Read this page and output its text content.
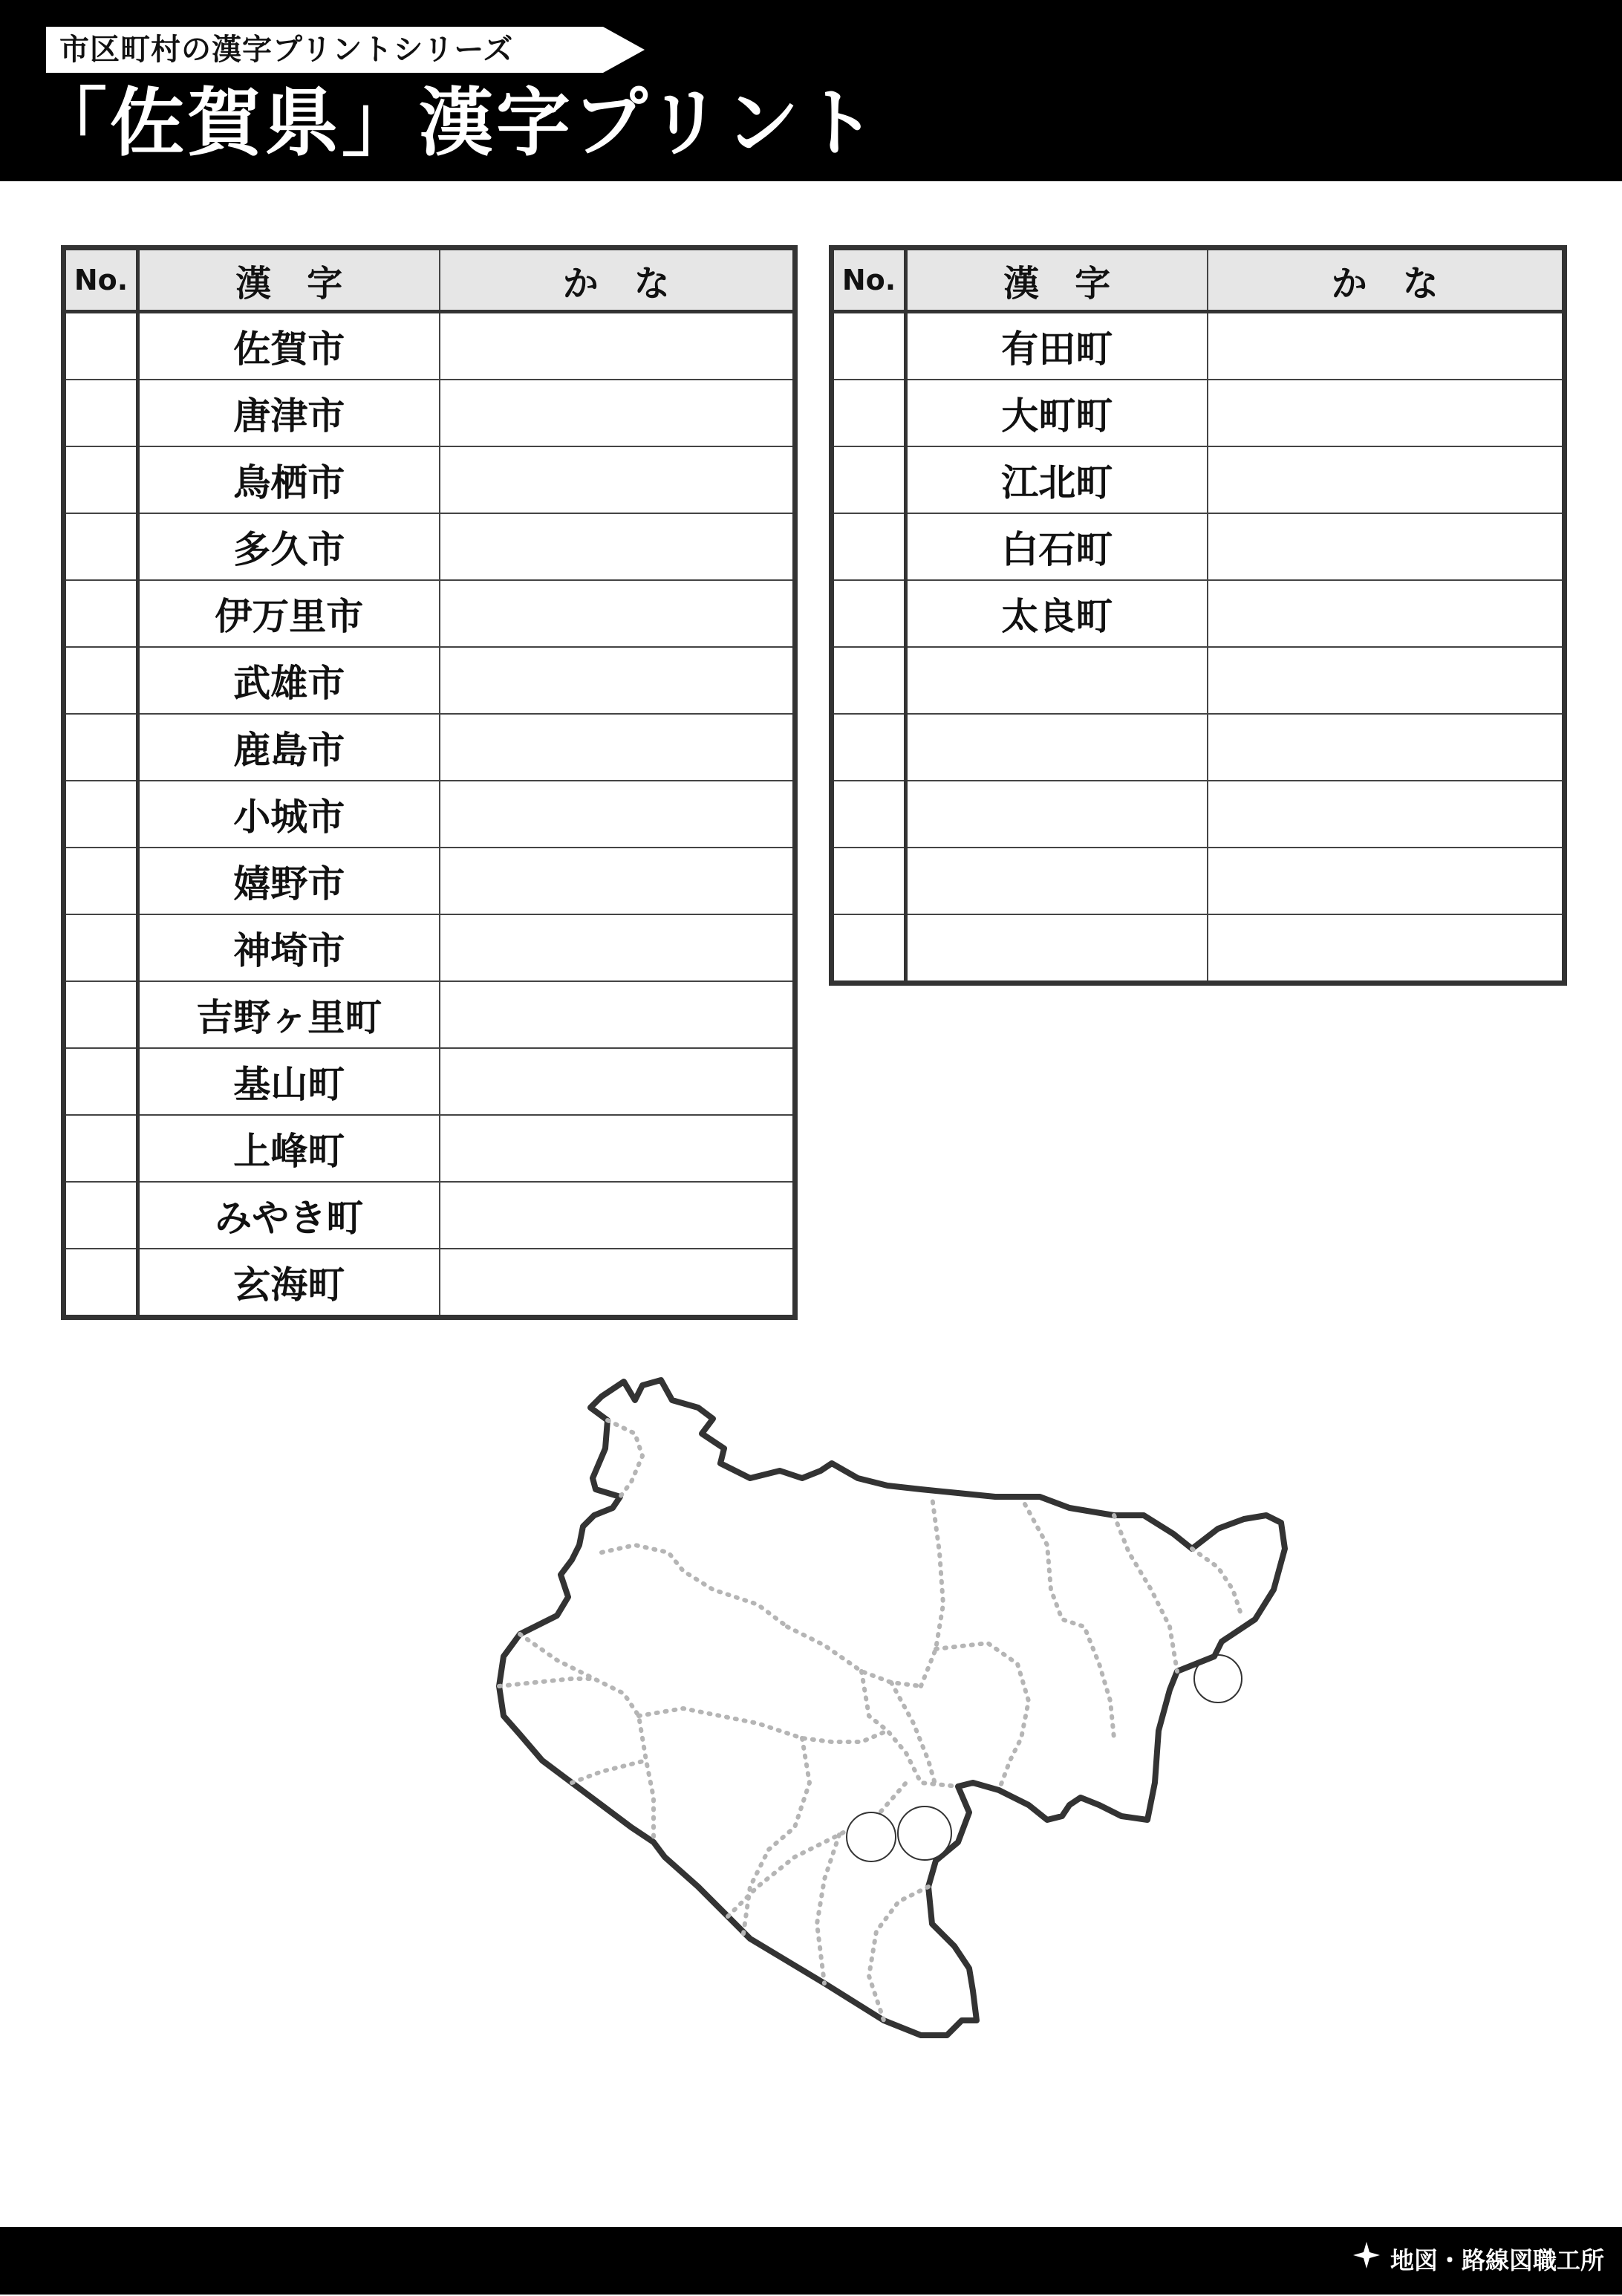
市区町村の漢字プリントシリーズ
「佐賀県」漢字プリント
No.	漢　字	か　な
	佐賀市	
	唐津市	
	鳥栖市	
	多久市	
	伊万里市	
	武雄市	
	鹿島市	
	小城市	
	嬉野市	
	神埼市	
	吉野ヶ里町	
	基山町	
	上峰町	
	みやき町	
	玄海町	
No.	漢　字	か　な
	有田町	
	大町町	
	江北町	
	白石町	
	太良町	

地図・路線図職工所
